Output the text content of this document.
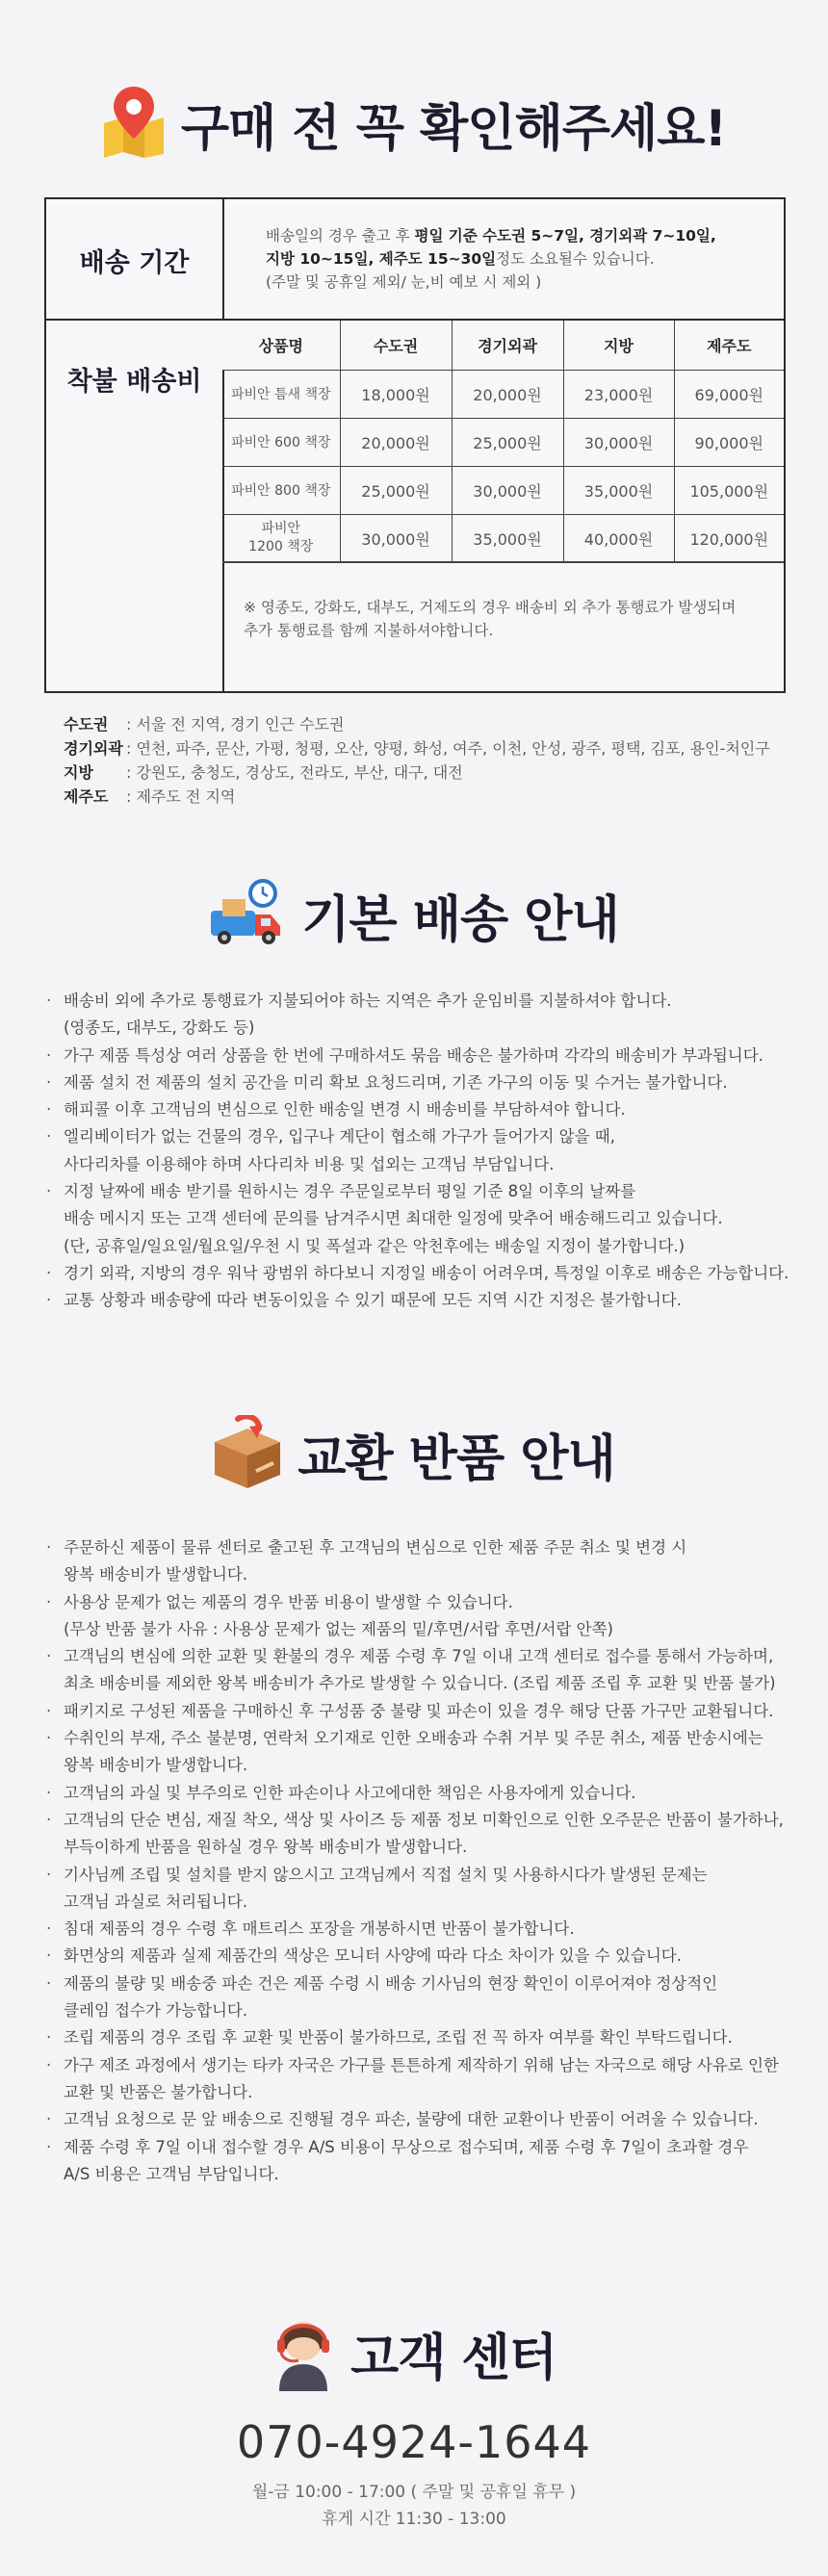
구매 전 꼭 확인해주세요!
배송 기간
배송일의 경우 출고 후 평일 기준 수도권 5~7일, 경기외곽 7~10일,
지방 10~15일, 제주도 15~30일정도 소요될수 있습니다.
(주말 및 공휴일 제외/ 눈,비 예보 시 제외 )
착불 배송비
상품명	수도권	경기외곽	지방	제주도
파비안 틈새 책장	18,000원	20,000원	23,000원	69,000원
파비안 600 책장	20,000원	25,000원	30,000원	90,000원
파비안 800 책장	25,000원	30,000원	35,000원	105,000원
파비안
1200 책장	30,000원	35,000원	40,000원	120,000원
※ 영종도, 강화도, 대부도, 거제도의 경우 배송비 외 추가 통행료가 발생되며
추가 통행료를 함께 지불하셔야합니다.
수도권 : 서울 전 지역, 경기 인근 수도권
경기외곽 : 연천, 파주, 문산, 가평, 청평, 오산, 양평, 화성, 여주, 이천, 안성, 광주, 평택, 김포, 용인-처인구
지방 : 강원도, 충청도, 경상도, 전라도, 부산, 대구, 대전
제주도 : 제주도 전 지역
기본 배송 안내
· 배송비 외에 추가로 통행료가 지불되어야 하는 지역은 추가 운임비를 지불하셔야 합니다.
(영종도, 대부도, 강화도 등)
· 가구 제품 특성상 여러 상품을 한 번에 구매하셔도 묶음 배송은 불가하며 각각의 배송비가 부과됩니다.
· 제품 설치 전 제품의 설치 공간을 미리 확보 요청드리며, 기존 가구의 이동 및 수거는 불가합니다.
· 해피콜 이후 고객님의 변심으로 인한 배송일 변경 시 배송비를 부담하셔야 합니다.
· 엘리베이터가 없는 건물의 경우, 입구나 계단이 협소해 가구가 들어가지 않을 때,
사다리차를 이용해야 하며 사다리차 비용 및 섭외는 고객님 부담입니다.
· 지정 날짜에 배송 받기를 원하시는 경우 주문일로부터 평일 기준 8일 이후의 날짜를
배송 메시지 또는 고객 센터에 문의를 남겨주시면 최대한 일정에 맞추어 배송해드리고 있습니다.
(단, 공휴일/일요일/월요일/우천 시 및 폭설과 같은 악천후에는 배송일 지정이 불가합니다.)
· 경기 외곽, 지방의 경우 워낙 광범위 하다보니 지정일 배송이 어려우며, 특정일 이후로 배송은 가능합니다.
· 교통 상황과 배송량에 따라 변동이있을 수 있기 때문에 모든 지역 시간 지정은 불가합니다.
교환 반품 안내
· 주문하신 제품이 물류 센터로 출고된 후 고객님의 변심으로 인한 제품 주문 취소 및 변경 시
왕복 배송비가 발생합니다.
· 사용상 문제가 없는 제품의 경우 반품 비용이 발생할 수 있습니다.
(무상 반품 불가 사유 : 사용상 문제가 없는 제품의 밑/후면/서랍 후면/서랍 안쪽)
· 고객님의 변심에 의한 교환 및 환불의 경우 제품 수령 후 7일 이내 고객 센터로 접수를 통해서 가능하며,
최초 배송비를 제외한 왕복 배송비가 추가로 발생할 수 있습니다. (조립 제품 조립 후 교환 및 반품 불가)
· 패키지로 구성된 제품을 구매하신 후 구성품 중 불량 및 파손이 있을 경우 해당 단품 가구만 교환됩니다.
· 수취인의 부재, 주소 불분명, 연락처 오기재로 인한 오배송과 수취 거부 및 주문 취소, 제품 반송시에는
왕복 배송비가 발생합니다.
· 고객님의 과실 및 부주의로 인한 파손이나 사고에대한 책임은 사용자에게 있습니다.
· 고객님의 단순 변심, 재질 착오, 색상 및 사이즈 등 제품 정보 미확인으로 인한 오주문은 반품이 불가하나,
부득이하게 반품을 원하실 경우 왕복 배송비가 발생합니다.
· 기사님께 조립 및 설치를 받지 않으시고 고객님께서 직접 설치 및 사용하시다가 발생된 문제는
고객님 과실로 처리됩니다.
· 침대 제품의 경우 수령 후 매트리스 포장을 개봉하시면 반품이 불가합니다.
· 화면상의 제품과 실제 제품간의 색상은 모니터 사양에 따라 다소 차이가 있을 수 있습니다.
· 제품의 불량 및 배송중 파손 건은 제품 수령 시 배송 기사님의 현장 확인이 이루어져야 정상적인
클레임 접수가 가능합니다.
· 조립 제품의 경우 조립 후 교환 및 반품이 불가하므로, 조립 전 꼭 하자 여부를 확인 부탁드립니다.
· 가구 제조 과정에서 생기는 타카 자국은 가구를 튼튼하게 제작하기 위해 남는 자국으로 해당 사유로 인한
교환 및 반품은 불가합니다.
· 고객님 요청으로 문 앞 배송으로 진행될 경우 파손, 불량에 대한 교환이나 반품이 어려울 수 있습니다.
· 제품 수령 후 7일 이내 접수할 경우 A/S 비용이 무상으로 접수되며, 제품 수령 후 7일이 초과할 경우
A/S 비용은 고객님 부담입니다.
고객 센터
070-4924-1644
월-금 10:00 - 17:00 ( 주말 및 공휴일 휴무 )
휴게 시간 11:30 - 13:00
